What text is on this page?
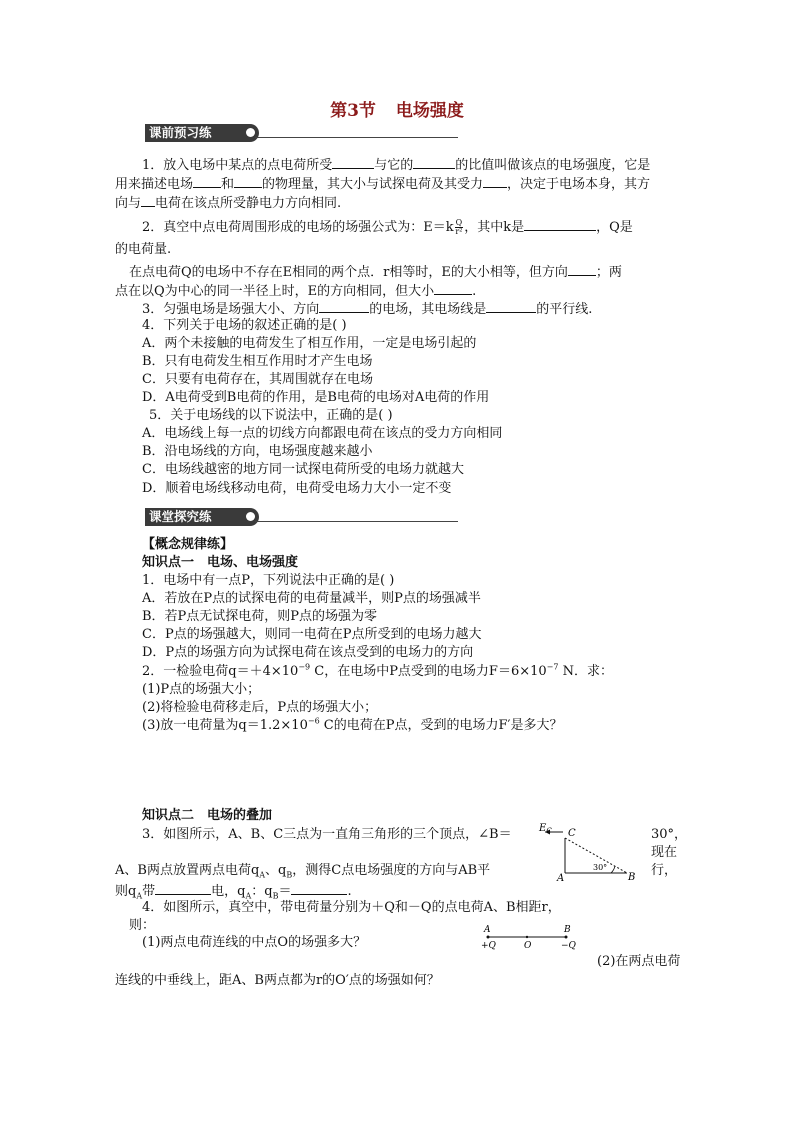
第3节 电场强度
课前预习练
1．放入电场中某点的点电荷所受	与它的	的比值叫做该点的电场强度，它是
用来描述电场 和 的物理量，其大小与试探电荷及其受力 ，决定于电场本身，其方
向与 电荷在该点所受静电力方向相同.
2．真空中点电荷周围形成的电场的场强公式为：$E=k \frac{Q}{\text{r²}}$ ，其中k是	，Q是
的电荷量.
在点电荷Q的电场中不存在E相同的两个点．r相等时，E的大小相等，但方向 ；两
点在以Q为中心的同一半径上时，E的方向相同，但大小	.
3．匀强电场是场强大小、方向	的电场，其电场线是	的平行线.
4．下列关于电场的叙述正确的是( )
A．两个未接触的电荷发生了相互作用，一定是电场引起的
B．只有电荷发生相互作用时才产生电场
C．只要有电荷存在，其周围就存在电场
D．A电荷受到B电荷的作用，是B电荷的电场对A电荷的作用
5．关于电场线的以下说法中，正确的是( )
A．电场线上每一点的切线方向都跟电荷在该点的受力方向相同
B．沿电场线的方向，电场强度越来越小
C．电场线越密的地方同一试探电荷所受的电场力就越大
D．顺着电场线移动电荷，电荷受电场力大小一定不变
课堂探究练
【概念规律练】
知识点一　电场、电场强度
1．电场中有一点P，下列说法中正确的是( )
A．若放在P点的试探电荷的电荷量减半，则P点的场强减半
B．若P点无试探电荷，则P点的场强为零
C．P点的场强越大，则同一电荷在P点所受到的电场力越大
D．P点的场强方向为试探电荷在该点受到的电场力的方向
2．一检验电荷$q=+4\times 10^{-9}$ C，在电场中P点受到的电场力$F=6\times 10^{-7}$ N．求：
(1)P点的场强大小；
(2)将检验电荷移走后，P点的场强大小；
(3)放一电荷量为$q=1.2\times 10^{-6}$ C的电荷在P点，受到的电场力F′是多大？
知识点二　电场的叠加
3．如图所示，A、B、C三点为一直角三角形的三个顶点，∠B＝	30°，
现在
A、B两点放置两点电荷$q_A$、$q_B$，测得C点电场强度的方向与AB平	行，
则$q_A$带	电，$q_A$：$q_B=$	.
$E_C$ C
30°
A	B
4．如图所示，真空中，带电荷量分别为＋Q和－Q的点电荷A、B相距r，
则：
(1)两点电荷连线的中点O的场强多大？
(2)在两点电荷
连线的中垂线上，距A、B两点都为r的O′点的场强如何？
A	B
+Q	O	−Q
